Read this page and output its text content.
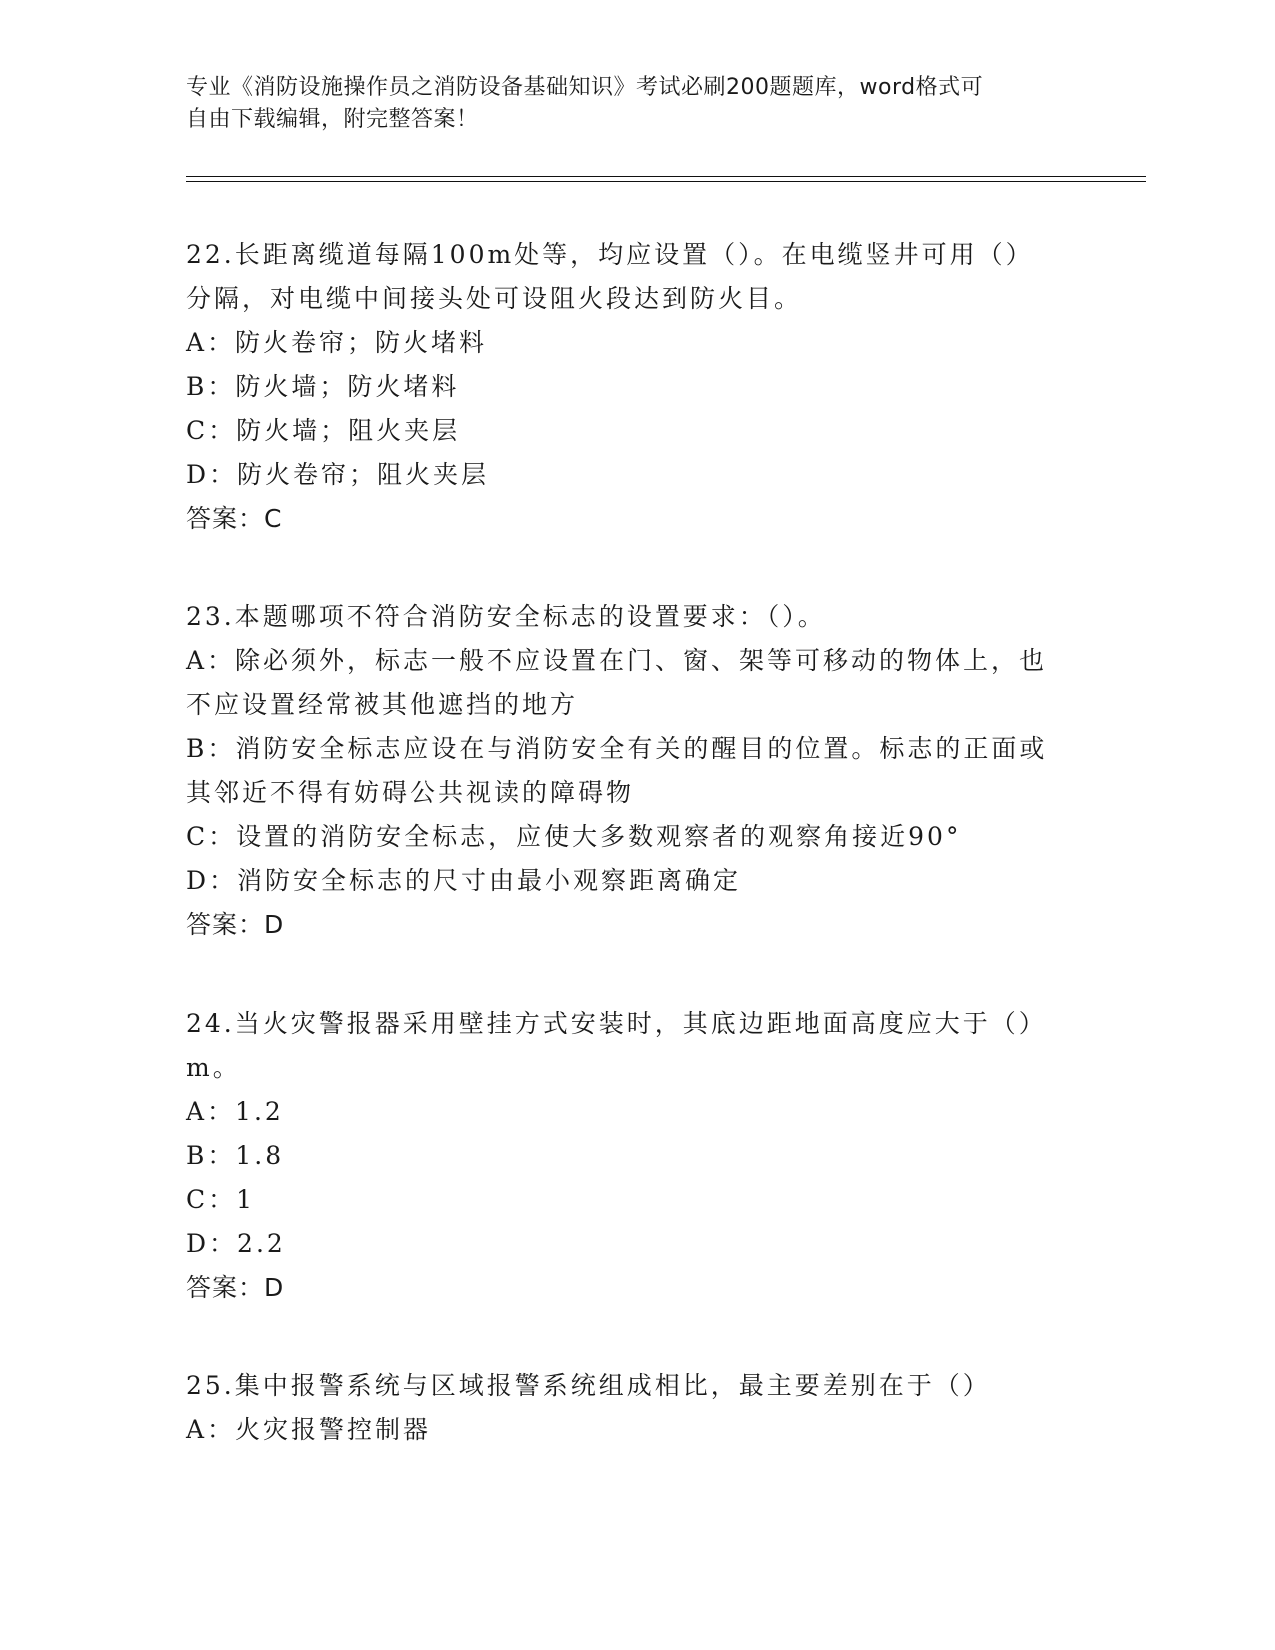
专业《消防设施操作员之消防设备基础知识》考试必刷200题题库，word格式可
自由下载编辑，附完整答案！
22.长距离缆道每隔100m处等，均应设置（）。在电缆竖井可用（）
分隔，对电缆中间接头处可设阻火段达到防火目。
A：防火卷帘；防火堵料
B：防火墙；防火堵料
C：防火墙；阻火夹层
D：防火卷帘；阻火夹层
答案：C
23.本题哪项不符合消防安全标志的设置要求：（）。
A：除必须外，标志一般不应设置在门、窗、架等可移动的物体上，也
不应设置经常被其他遮挡的地方
B：消防安全标志应设在与消防安全有关的醒目的位置。标志的正面或
其邻近不得有妨碍公共视读的障碍物
C：设置的消防安全标志，应使大多数观察者的观察角接近90°
D：消防安全标志的尺寸由最小观察距离确定
答案：D
24.当火灾警报器采用壁挂方式安装时，其底边距地面高度应大于（）
m。
A：1.2
B：1.8
C：1
D：2.2
答案：D
25.集中报警系统与区域报警系统组成相比，最主要差别在于（）
A：火灾报警控制器
